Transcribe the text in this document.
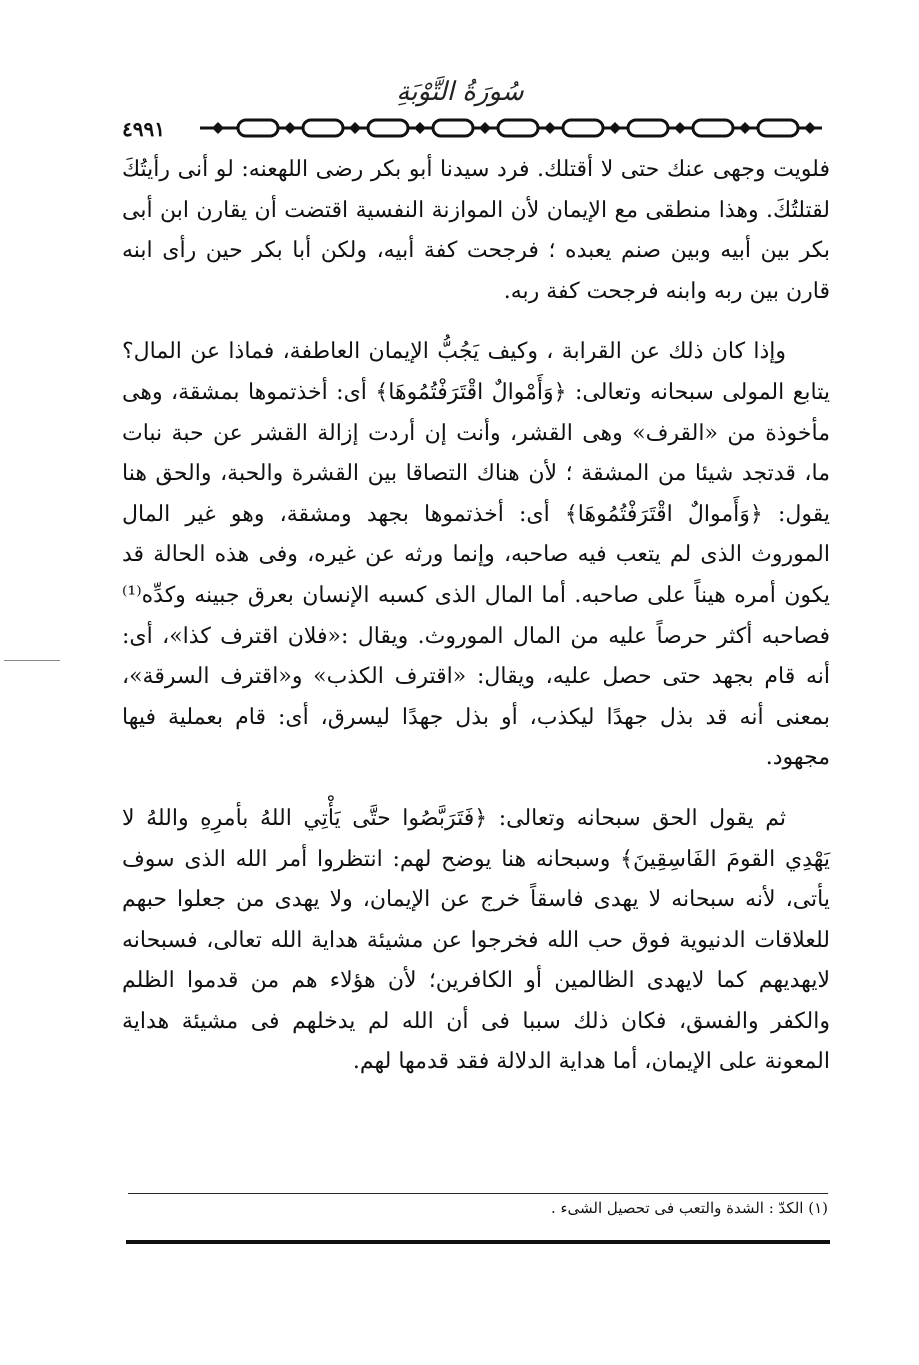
سُورَةُ التَّوْبَةِ
٤٩٩١

فلويت وجهى عنك حتى لا أقتلك. فرد سيدنا أبو بكر رضى اللهعنه: لو أنى رأيتُكَ لقتلتُكَ. وهذا منطقى مع الإيمان لأن الموازنة النفسية اقتضت أن يقارن ابن أبى بكر بين أبيه وبين صنم يعبده ؛ فرجحت كفة أبيه، ولكن أبا بكر حين رأى ابنه قارن بين ربه وابنه فرجحت كفة ربه.

وإذا كان ذلك عن القرابة ، وكيف يَجُبُّ الإيمان العاطفة، فماذا عن المال؟ يتابع المولى سبحانه وتعالى: ﴿وَأَمْوالٌ اقْتَرَفْتُمُوهَا﴾ أى: أخذتموها بمشقة، وهى مأخوذة من «القرف» وهى القشر، وأنت إن أردت إزالة القشر عن حبة نبات ما، قدتجد شيئا من المشقة ؛ لأن هناك التصاقا بين القشرة والحبة، والحق هنا يقول: ﴿وَأَموالٌ اقْتَرَفْتُمُوهَا﴾ أى: أخذتموها بجهد ومشقة، وهو غير المال الموروث الذى لم يتعب فيه صاحبه، وإنما ورثه عن غيره، وفى هذه الحالة قد يكون أمره هيناً على صاحبه. أما المال الذى كسبه الإنسان بعرق جبينه وكدِّه⁽¹⁾ فصاحبه أكثر حرصاً عليه من المال الموروث. ويقال :«فلان اقترف كذا»، أى: أنه قام بجهد حتى حصل عليه، ويقال: «اقترف الكذب» و«اقترف السرقة»، بمعنى أنه قد بذل جهدًا ليكذب، أو بذل جهدًا ليسرق، أى: قام بعملية فيها مجهود.

ثم يقول الحق سبحانه وتعالى: ﴿فَتَرَبَّصُوا حتَّى يَأْتِي اللهُ بأمرِهِ واللهُ لا يَهْدِي القومَ الفَاسِقِينَ﴾ وسبحانه هنا يوضح لهم: انتظروا أمر الله الذى سوف يأتى، لأنه سبحانه لا يهدى فاسقاً خرج عن الإيمان، ولا يهدى من جعلوا حبهم للعلاقات الدنيوية فوق حب الله فخرجوا عن مشيئة هداية الله تعالى، فسبحانه لايهديهم كما لايهدى الظالمين أو الكافرين؛ لأن هؤلاء هم من قدموا الظلم والكفر والفسق، فكان ذلك سببا فى أن الله لم يدخلهم فى مشيئة هداية المعونة على الإيمان، أما هداية الدلالة فقد قدمها لهم.

(١) الكدّ : الشدة والتعب فى تحصيل الشىء .
